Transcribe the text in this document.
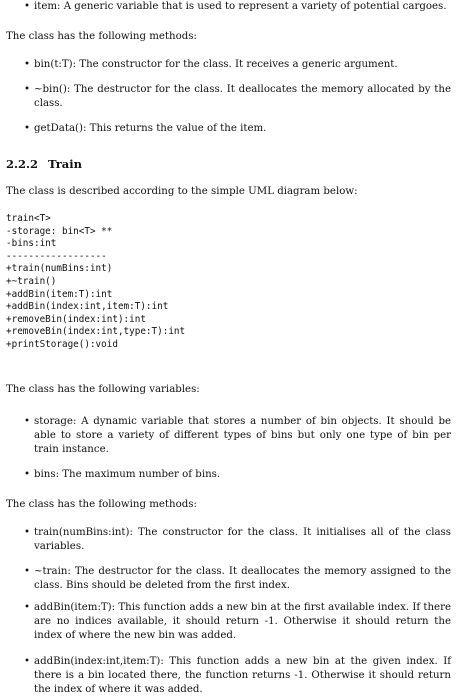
• item: A generic variable that is used to represent a variety of potential cargoes.

The class has the following methods:

• bin(t:T): The constructor for the class. It receives a generic argument.
• ~bin(): The destructor for the class. It deallocates the memory allocated by the class.
• getData(): This returns the value of the item.
2.2.2 Train

The class is described according to the simple UML diagram below:

train<T>
-storage: bin<T> **
-bins:int
------------------
+train(numBins:int)
+~train()
+addBin(item:T):int
+addBin(index:int,item:T):int
+removeBin(index:int):int
+removeBin(index:int,type:T):int
+printStorage():void

The class has the following variables:

• storage: A dynamic variable that stores a number of bin objects. It should be able to store a variety of different types of bins but only one type of bin per train instance.
• bins: The maximum number of bins.

The class has the following methods:

• train(numBins:int): The constructor for the class. It initialises all of the class variables.
• ~train: The destructor for the class. It deallocates the memory assigned to the class. Bins should be deleted from the first index.
• addBin(item:T): This function adds a new bin at the first available index. If there are no indices available, it should return -1. Otherwise it should return the index of where the new bin was added.
• addBin(index:int,item:T): This function adds a new bin at the given index. If there is a bin located there, the function returns -1. Otherwise it should return the index of where it was added.
